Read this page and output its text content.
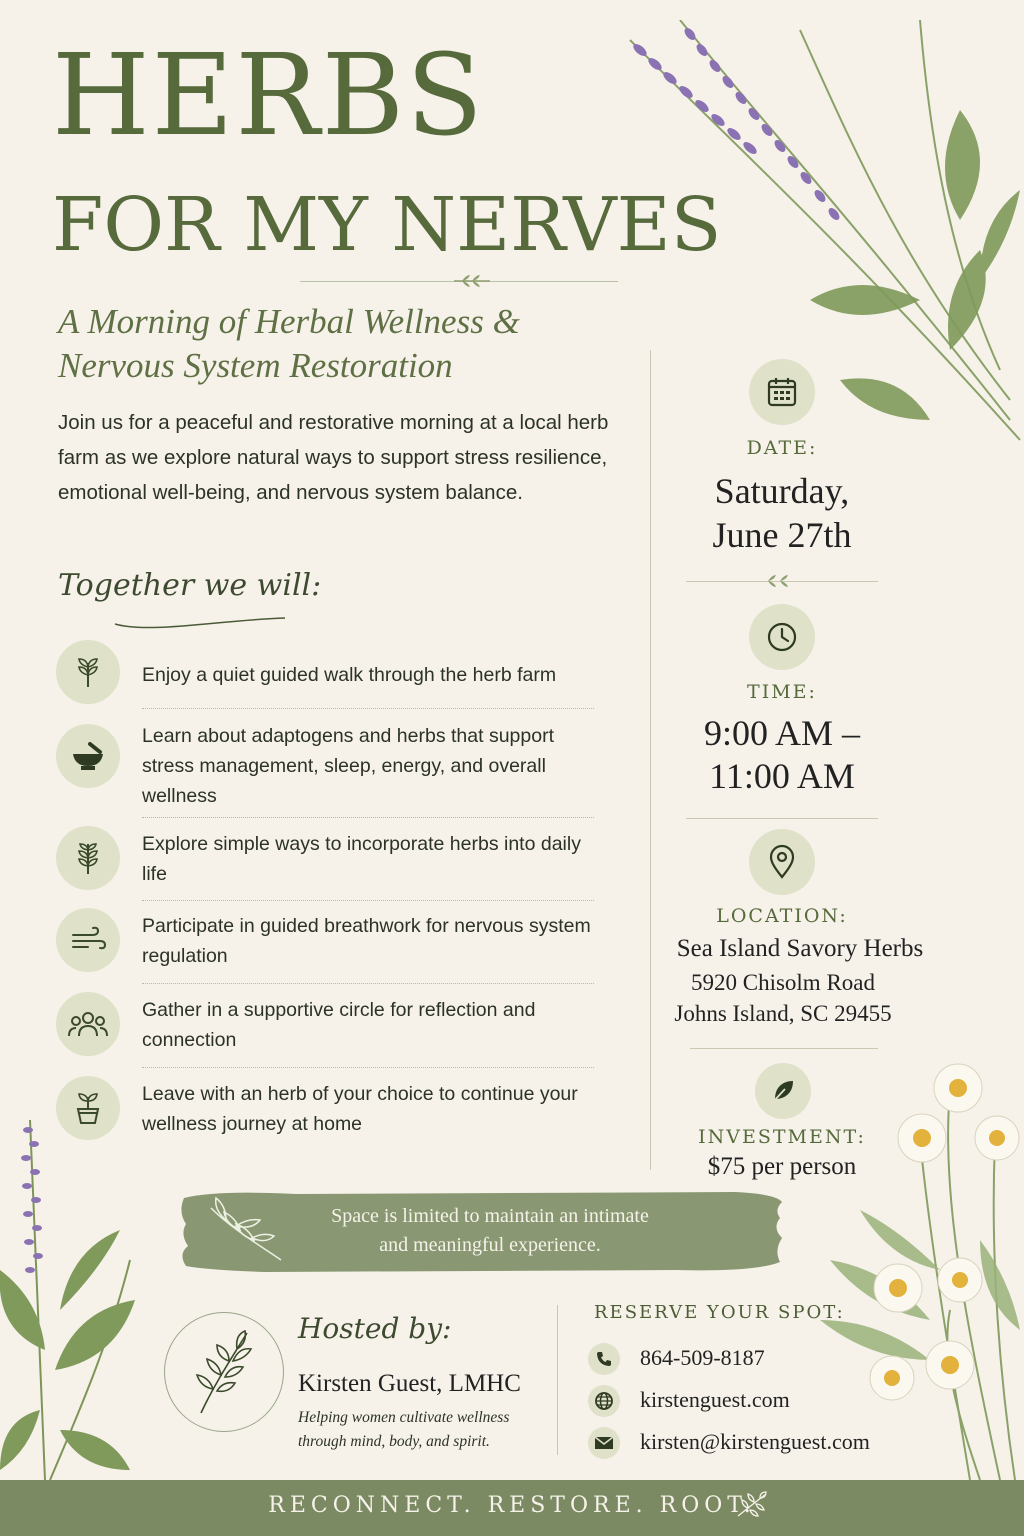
HERBS
FOR MY NERVES
A Morning of Herbal Wellness & Nervous System Restoration
Join us for a peaceful and restorative morning at a local herb farm as we explore natural ways to support stress resilience, emotional well-being, and nervous system balance.
Together we will:
Enjoy a quiet guided walk through the herb farm
Learn about adaptogens and herbs that support stress management, sleep, energy, and overall wellness
Explore simple ways to incorporate herbs into daily life
Participate in guided breathwork for nervous system regulation
Gather in a supportive circle for reflection and connection
Leave with an herb of your choice to continue your wellness journey at home
DATE:
Saturday,
June 27th
TIME:
9:00 AM –
11:00 AM
LOCATION:
Sea Island Savory Herbs
5920 Chisolm Road
Johns Island, SC 29455
INVESTMENT:
$75 per person
Space is limited to maintain an intimate
and meaningful experience.
Hosted by:
Kirsten Guest, LMHC
Helping women cultivate wellness
through mind, body, and spirit.
RESERVE YOUR SPOT:
864-509-8187
kirstenguest.com
kirsten@kirstenguest.com
RECONNECT. RESTORE. ROOT.
